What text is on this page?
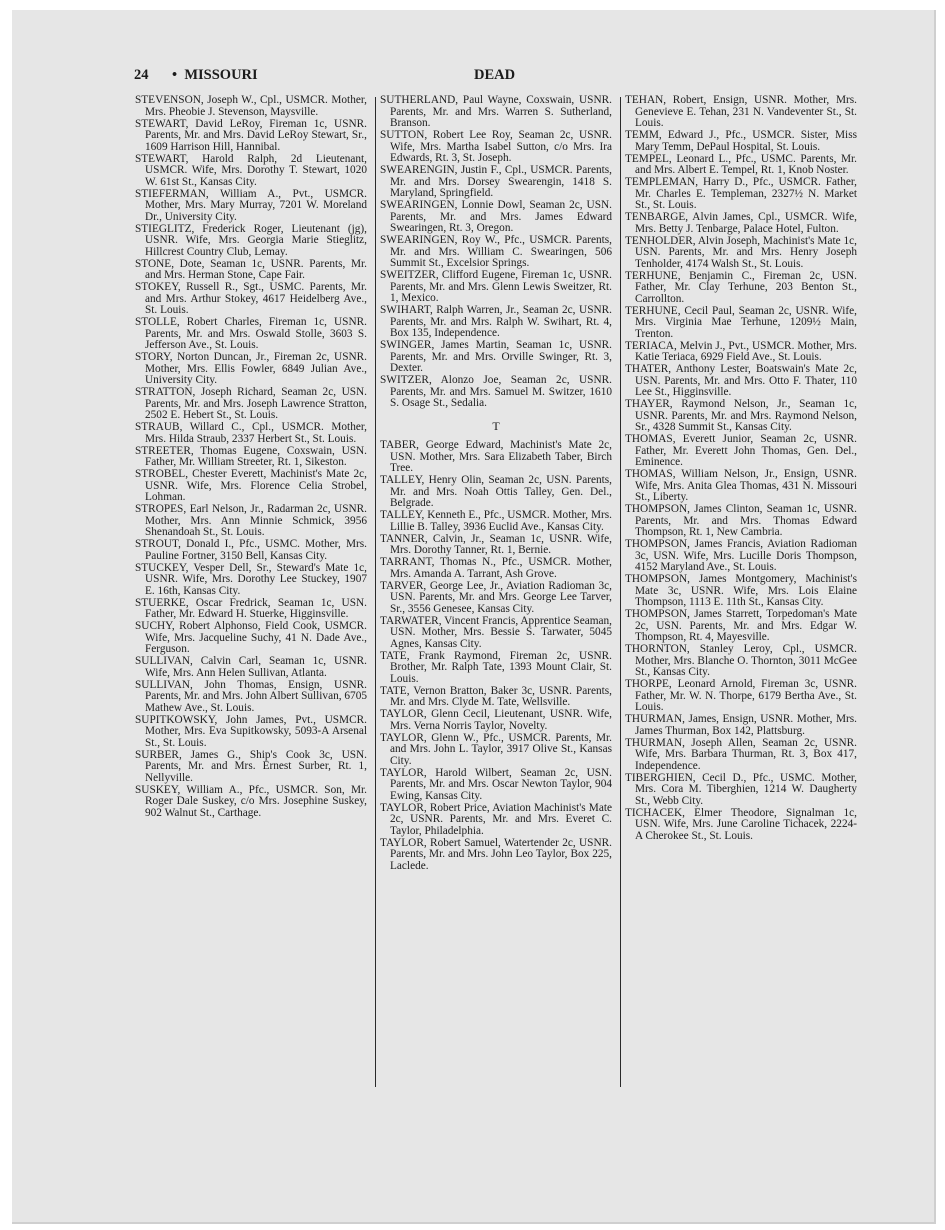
24 • MISSOURI	DEAD
STEVENSON, Joseph W., Cpl., USMCR. Mother, Mrs. Pheobie J. Stevenson, Maysville.
STEWART, David LeRoy, Fireman 1c, USNR. Parents, Mr. and Mrs. David LeRoy Stewart, Sr., 1609 Harrison Hill, Hannibal.
STEWART, Harold Ralph, 2d Lieutenant, USMCR. Wife, Mrs. Dorothy T. Stewart, 1020 W. 61st St., Kansas City.
STIEFERMAN, William A., Pvt., USMCR. Mother, Mrs. Mary Murray, 7201 W. Moreland Dr., University City.
STIEGLITZ, Frederick Roger, Lieutenant (jg), USNR. Wife, Mrs. Georgia Marie Stieglitz, Hillcrest Country Club, Lemay.
STONE, Dote, Seaman 1c, USNR. Parents, Mr. and Mrs. Herman Stone, Cape Fair.
STOKEY, Russell R., Sgt., USMC. Parents, Mr. and Mrs. Arthur Stokey, 4617 Heidelberg Ave., St. Louis.
STOLLE, Robert Charles, Fireman 1c, USNR. Parents, Mr. and Mrs. Oswald Stolle, 3603 S. Jefferson Ave., St. Louis.
STORY, Norton Duncan, Jr., Fireman 2c, USNR. Mother, Mrs. Ellis Fowler, 6849 Julian Ave., University City.
STRATTON, Joseph Richard, Seaman 2c, USN. Parents, Mr. and Mrs. Joseph Lawrence Stratton, 2502 E. Hebert St., St. Louis.
STRAUB, Willard C., Cpl., USMCR. Mother, Mrs. Hilda Straub, 2337 Herbert St., St. Louis.
STREETER, Thomas Eugene, Coxswain, USN. Father, Mr. William Streeter, Rt. 1, Sikeston.
STROBEL, Chester Everett, Machinist's Mate 2c, USNR. Wife, Mrs. Florence Celia Strobel, Lohman.
STROPES, Earl Nelson, Jr., Radarman 2c, USNR. Mother, Mrs. Ann Minnie Schmick, 3956 Shenandoah St., St. Louis.
STROUT, Donald I., Pfc., USMC. Mother, Mrs. Pauline Fortner, 3150 Bell, Kansas City.
STUCKEY, Vesper Dell, Sr., Steward's Mate 1c, USNR. Wife, Mrs. Dorothy Lee Stuckey, 1907 E. 16th, Kansas City.
STUERKE, Oscar Fredrick, Seaman 1c, USN. Father, Mr. Edward H. Stuerke, Higginsville.
SUCHY, Robert Alphonso, Field Cook, USMCR. Wife, Mrs. Jacqueline Suchy, 41 N. Dade Ave., Ferguson.
SULLIVAN, Calvin Carl, Seaman 1c, USNR. Wife, Mrs. Ann Helen Sullivan, Atlanta.
SULLIVAN, John Thomas, Ensign, USNR. Parents, Mr. and Mrs. John Albert Sullivan, 6705 Mathew Ave., St. Louis.
SUPITKOWSKY, John James, Pvt., USMCR. Mother, Mrs. Eva Supitkowsky, 5093-A Arsenal St., St. Louis.
SURBER, James G., Ship's Cook 3c, USN. Parents, Mr. and Mrs. Ernest Surber, Rt. 1, Nellyville.
SUSKEY, William A., Pfc., USMCR. Son, Mr. Roger Dale Suskey, c/o Mrs. Josephine Suskey, 902 Walnut St., Carthage.
SUTHERLAND, Paul Wayne, Coxswain, USNR. Parents, Mr. and Mrs. Warren S. Sutherland, Branson.
SUTTON, Robert Lee Roy, Seaman 2c, USNR. Wife, Mrs. Martha Isabel Sutton, c/o Mrs. Ira Edwards, Rt. 3, St. Joseph.
SWEARENGIN, Justin F., Cpl., USMCR. Parents, Mr. and Mrs. Dorsey Swearengin, 1418 S. Maryland, Springfield.
SWEARINGEN, Lonnie Dowl, Seaman 2c, USN. Parents, Mr. and Mrs. James Edward Swearingen, Rt. 3, Oregon.
SWEARINGEN, Roy W., Pfc., USMCR. Parents, Mr. and Mrs. William C. Swearingen, 506 Summit St., Excelsior Springs.
SWEITZER, Clifford Eugene, Fireman 1c, USNR. Parents, Mr. and Mrs. Glenn Lewis Sweitzer, Rt. 1, Mexico.
SWIHART, Ralph Warren, Jr., Seaman 2c, USNR. Parents, Mr. and Mrs. Ralph W. Swihart, Rt. 4, Box 135, Independence.
SWINGER, James Martin, Seaman 1c, USNR. Parents, Mr. and Mrs. Orville Swinger, Rt. 3, Dexter.
SWITZER, Alonzo Joe, Seaman 2c, USNR. Parents, Mr. and Mrs. Samuel M. Switzer, 1610 S. Osage St., Sedalia.
T
TABER, George Edward, Machinist's Mate 2c, USN. Mother, Mrs. Sara Elizabeth Taber, Birch Tree.
TALLEY, Henry Olin, Seaman 2c, USN. Parents, Mr. and Mrs. Noah Ottis Talley, Gen. Del., Belgrade.
TALLEY, Kenneth E., Pfc., USMCR. Mother, Mrs. Lillie B. Talley, 3936 Euclid Ave., Kansas City.
TANNER, Calvin, Jr., Seaman 1c, USNR. Wife, Mrs. Dorothy Tanner, Rt. 1, Bernie.
TARRANT, Thomas N., Pfc., USMCR. Mother, Mrs. Amanda A. Tarrant, Ash Grove.
TARVER, George Lee, Jr., Aviation Radioman 3c, USN. Parents, Mr. and Mrs. George Lee Tarver, Sr., 3556 Genesee, Kansas City.
TARWATER, Vincent Francis, Apprentice Seaman, USN. Mother, Mrs. Bessie S. Tarwater, 5045 Agnes, Kansas City.
TATE, Frank Raymond, Fireman 2c, USNR. Brother, Mr. Ralph Tate, 1393 Mount Clair, St. Louis.
TATE, Vernon Bratton, Baker 3c, USNR. Parents, Mr. and Mrs. Clyde M. Tate, Wellsville.
TAYLOR, Glenn Cecil, Lieutenant, USNR. Wife, Mrs. Verna Norris Taylor, Novelty.
TAYLOR, Glenn W., Pfc., USMCR. Parents, Mr. and Mrs. John L. Taylor, 3917 Olive St., Kansas City.
TAYLOR, Harold Wilbert, Seaman 2c, USN. Parents, Mr. and Mrs. Oscar Newton Taylor, 904 Ewing, Kansas City.
TAYLOR, Robert Price, Aviation Machinist's Mate 2c, USNR. Parents, Mr. and Mrs. Everet C. Taylor, Philadelphia.
TAYLOR, Robert Samuel, Watertender 2c, USNR. Parents, Mr. and Mrs. John Leo Taylor, Box 225, Laclede.
TEHAN, Robert, Ensign, USNR. Mother, Mrs. Genevieve E. Tehan, 231 N. Vandeventer St., St. Louis.
TEMM, Edward J., Pfc., USMCR. Sister, Miss Mary Temm, DePaul Hospital, St. Louis.
TEMPEL, Leonard L., Pfc., USMC. Parents, Mr. and Mrs. Albert E. Tempel, Rt. 1, Knob Noster.
TEMPLEMAN, Harry D., Pfc., USMCR. Father, Mr. Charles E. Templeman, 2327½ N. Market St., St. Louis.
TENBARGE, Alvin James, Cpl., USMCR. Wife, Mrs. Betty J. Tenbarge, Palace Hotel, Fulton.
TENHOLDER, Alvin Joseph, Machinist's Mate 1c, USN. Parents, Mr. and Mrs. Henry Joseph Tenholder, 4174 Walsh St., St. Louis.
TERHUNE, Benjamin C., Fireman 2c, USN. Father, Mr. Clay Terhune, 203 Benton St., Carrollton.
TERHUNE, Cecil Paul, Seaman 2c, USNR. Wife, Mrs. Virginia Mae Terhune, 1209½ Main, Trenton.
TERIACA, Melvin J., Pvt., USMCR. Mother, Mrs. Katie Teriaca, 6929 Field Ave., St. Louis.
THATER, Anthony Lester, Boatswain's Mate 2c, USN. Parents, Mr. and Mrs. Otto F. Thater, 110 Lee St., Higginsville.
THAYER, Raymond Nelson, Jr., Seaman 1c, USNR. Parents, Mr. and Mrs. Raymond Nelson, Sr., 4328 Summit St., Kansas City.
THOMAS, Everett Junior, Seaman 2c, USNR. Father, Mr. Everett John Thomas, Gen. Del., Eminence.
THOMAS, William Nelson, Jr., Ensign, USNR. Wife, Mrs. Anita Glea Thomas, 431 N. Missouri St., Liberty.
THOMPSON, James Clinton, Seaman 1c, USNR. Parents, Mr. and Mrs. Thomas Edward Thompson, Rt. 1, New Cambria.
THOMPSON, James Francis, Aviation Radioman 3c, USN. Wife, Mrs. Lucille Doris Thompson, 4152 Maryland Ave., St. Louis.
THOMPSON, James Montgomery, Machinist's Mate 3c, USNR. Wife, Mrs. Lois Elaine Thompson, 1113 E. 11th St., Kansas City.
THOMPSON, James Starrett, Torpedoman's Mate 2c, USN. Parents, Mr. and Mrs. Edgar W. Thompson, Rt. 4, Mayesville.
THORNTON, Stanley Leroy, Cpl., USMCR. Mother, Mrs. Blanche O. Thornton, 3011 McGee St., Kansas City.
THORPE, Leonard Arnold, Fireman 3c, USNR. Father, Mr. W. N. Thorpe, 6179 Bertha Ave., St. Louis.
THURMAN, James, Ensign, USNR. Mother, Mrs. James Thurman, Box 142, Plattsburg.
THURMAN, Joseph Allen, Seaman 2c, USNR. Wife, Mrs. Barbara Thurman, Rt. 3, Box 417, Independence.
TIBERGHIEN, Cecil D., Pfc., USMC. Mother, Mrs. Cora M. Tiberghien, 1214 W. Daugherty St., Webb City.
TICHACEK, Elmer Theodore, Signalman 1c, USN. Wife, Mrs. June Caroline Tichacek, 2224-A Cherokee St., St. Louis.
